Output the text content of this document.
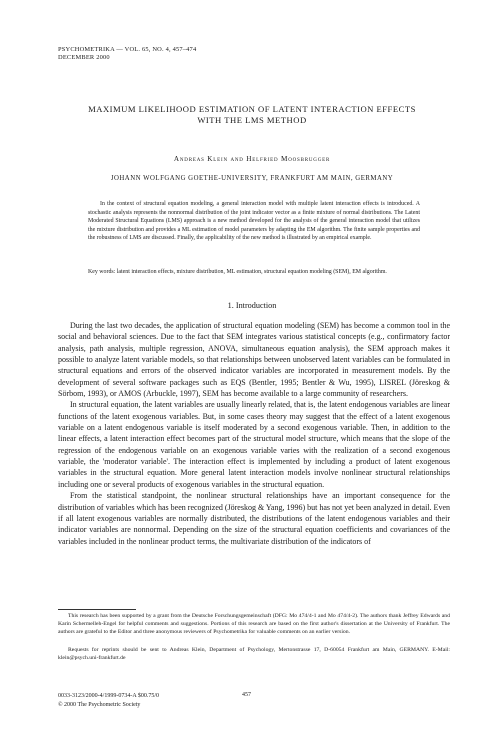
PSYCHOMETRIKA — VOL. 65, NO. 4, 457–474
DECEMBER 2000
MAXIMUM LIKELIHOOD ESTIMATION OF LATENT INTERACTION EFFECTS
WITH THE LMS METHOD
Andreas Klein and Helfried Moosbrugger
JOHANN WOLFGANG GOETHE-UNIVERSITY, FRANKFURT AM MAIN, GERMANY
In the context of structural equation modeling, a general interaction model with multiple latent interaction effects is introduced. A stochastic analysis represents the nonnormal distribution of the joint indicator vector as a finite mixture of normal distributions. The Latent Moderated Structural Equations (LMS) approach is a new method developed for the analysis of the general interaction model that utilizes the mixture distribution and provides a ML estimation of model parameters by adapting the EM algorithm. The finite sample properties and the robustness of LMS are discussed. Finally, the applicability of the new method is illustrated by an empirical example.
Key words: latent interaction effects, mixture distribution, ML estimation, structural equation modeling (SEM), EM algorithm.
1. Introduction

During the last two decades, the application of structural equation modeling (SEM) has become a common tool in the social and behavioral sciences. Due to the fact that SEM integrates various statistical concepts (e.g., confirmatory factor analysis, path analysis, multiple regression, ANOVA, simultaneous equation analysis), the SEM approach makes it possible to analyze latent variable models, so that relationships between unobserved latent variables can be formulated in structural equations and errors of the observed indicator variables are incorporated in measurement models. By the development of several software packages such as EQS (Bentler, 1995; Bentler & Wu, 1995), LISREL (Jöreskog & Sörbom, 1993), or AMOS (Arbuckle, 1997), SEM has become available to a large community of researchers.

In structural equation, the latent variables are usually linearly related, that is, the latent endogenous variables are linear functions of the latent exogenous variables. But, in some cases theory may suggest that the effect of a latent exogenous variable on a latent endogenous variable is itself moderated by a second exogenous variable. Then, in addition to the linear effects, a latent interaction effect becomes part of the structural model structure, which means that the slope of the regression of the endogenous variable on an exogenous variable varies with the realization of a second exogenous variable, the 'moderator variable'. The interaction effect is implemented by including a product of latent exogenous variables in the structural equation. More general latent interaction models involve nonlinear structural relationships including one or several products of exogenous variables in the structural equation.

From the statistical standpoint, the nonlinear structural relationships have an important consequence for the distribution of variables which has been recognized (Jöreskog & Yang, 1996) but has not yet been analyzed in detail. Even if all latent exogenous variables are normally distributed, the distributions of the latent endogenous variables and their indicator variables are nonnormal. Depending on the size of the structural equation coefficients and covariances of the variables included in the nonlinear product terms, the multivariate distribution of the indicators of

This research has been supported by a grant from the Deutsche Forschungsgemeinschaft (DFG: Mo 474/4-1 and Mo 474/4-2). The authors thank Jeffrey Edwards and Karin Schermelleh-Engel for helpful comments and suggestions. Portions of this research are based on the first author's dissertation at the University of Frankfurt. The authors are grateful to the Editor and three anonymous reviewers of Psychometrika for valuable comments on an earlier version.
Requests for reprints should be sent to Andreas Klein, Department of Psychology, Mertonstrasse 17, D-60054 Frankfurt am Main, GERMANY. E-Mail: klein@psych.uni-frankfurt.de
0033-3123/2000-4/1999-0734-A $00.75/0
© 2000 The Psychometric Society
457
